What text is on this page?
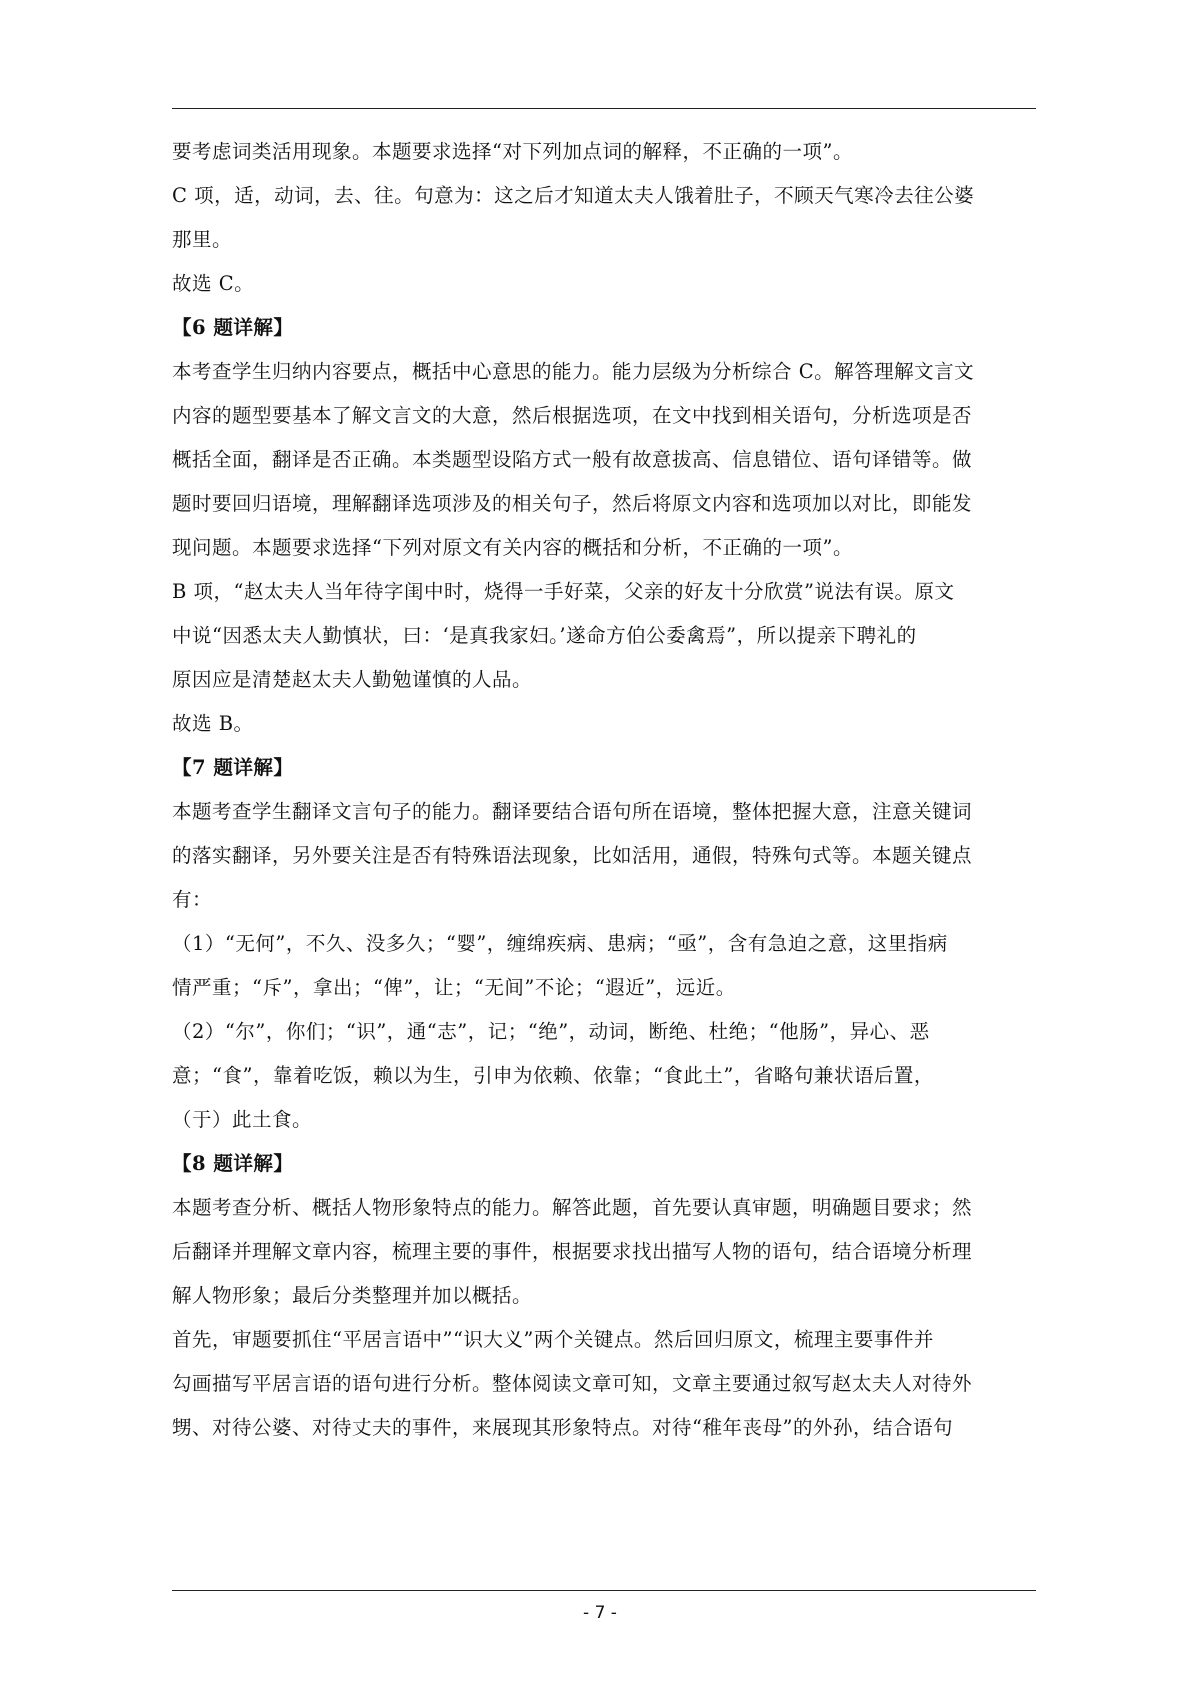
要考虑词类活用现象。本题要求选择“对下列加点词的解释，不正确的一项”。
C 项，适，动词，去、往。句意为：这之后才知道太夫人饿着肚子，不顾天气寒冷去往公婆
那里。
故选 C。
【6 题详解】
本考查学生归纳内容要点，概括中心意思的能力。能力层级为分析综合 C。解答理解文言文
内容的题型要基本了解文言文的大意，然后根据选项，在文中找到相关语句，分析选项是否
概括全面，翻译是否正确。本类题型设陷方式一般有故意拔高、信息错位、语句译错等。做
题时要回归语境，理解翻译选项涉及的相关句子，然后将原文内容和选项加以对比，即能发
现问题。本题要求选择“下列对原文有关内容的概括和分析，不正确的一项”。
B 项，“赵太夫人当年待字闺中时，烧得一手好菜，父亲的好友十分欣赏”说法有误。原文
中说“因悉太夫人勤慎状，曰：‘是真我家妇。’遂命方伯公委禽焉”，所以提亲下聘礼的
原因应是清楚赵太夫人勤勉谨慎的人品。
故选 B。
【7 题详解】
本题考查学生翻译文言句子的能力。翻译要结合语句所在语境，整体把握大意，注意关键词
的落实翻译，另外要关注是否有特殊语法现象，比如活用，通假，特殊句式等。本题关键点
有：
（1）“无何”，不久、没多久；“婴”，缠绵疾病、患病；“亟”，含有急迫之意，这里指病
情严重；“斥”，拿出；“俾”，让；“无间”不论；“遐近”，远近。
（2）“尔”，你们；“识”，通“志”，记；“绝”，动词，断绝、杜绝；“他肠”，异心、恶
意；“食”，靠着吃饭，赖以为生，引申为依赖、依靠；“食此土”，省略句兼状语后置，
（于）此土食。
【8 题详解】
本题考查分析、概括人物形象特点的能力。解答此题，首先要认真审题，明确题目要求；然
后翻译并理解文章内容，梳理主要的事件，根据要求找出描写人物的语句，结合语境分析理
解人物形象；最后分类整理并加以概括。
首先，审题要抓住“平居言语中”“识大义”两个关键点。然后回归原文，梳理主要事件并
勾画描写平居言语的语句进行分析。整体阅读文章可知，文章主要通过叙写赵太夫人对待外
甥、对待公婆、对待丈夫的事件，来展现其形象特点。对待“稚年丧母”的外孙，结合语句
- 7 -
